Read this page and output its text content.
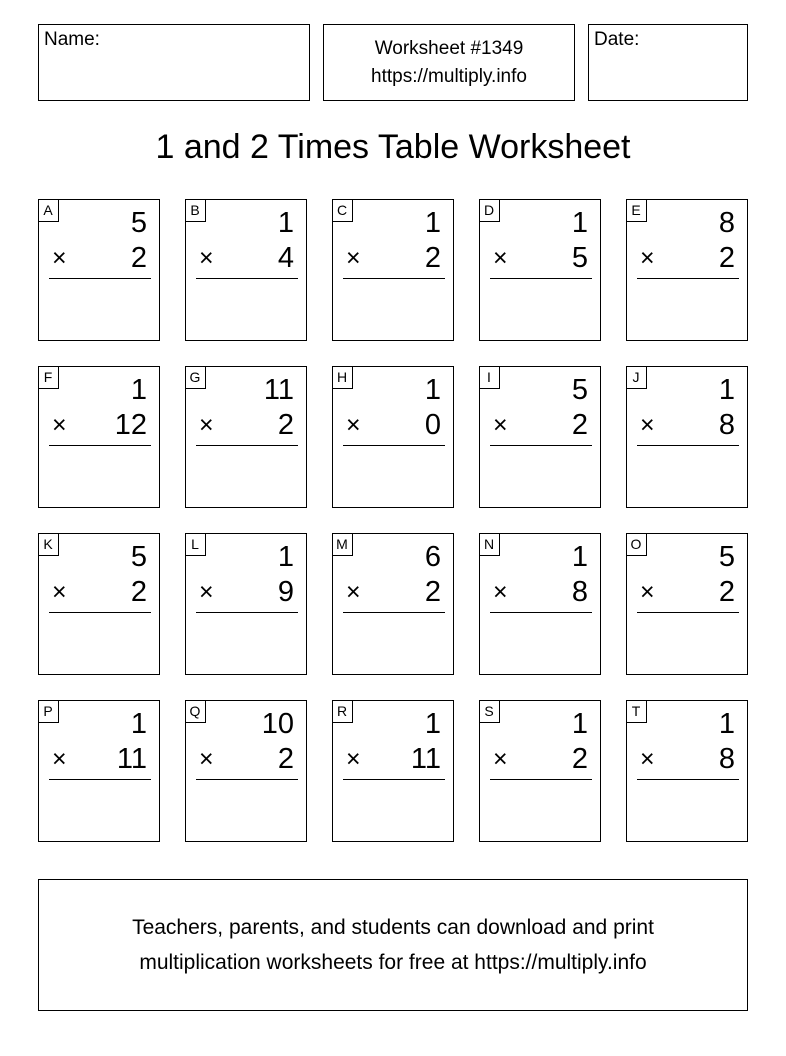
Name:	Worksheet #1349
https://multiply.info
Date:
1 and 2 Times Table Worksheet
A	5
× 2
B	1
× 4
C	1
× 2
D	1
× 5
E	8
× 2
F	1
× 12
G 11
× 2
H	1
× 0
I	5
× 2
J	1
× 8
K	5
× 2
L	1
× 9
M	6
× 2
N	1
× 8
O	5
× 2
P	1
× 11
Q 10
× 2
R	1
× 11
S	1
× 2
T	1
× 8
Teachers, parents, and students can download and print
multiplication worksheets for free at https://multiply.info
